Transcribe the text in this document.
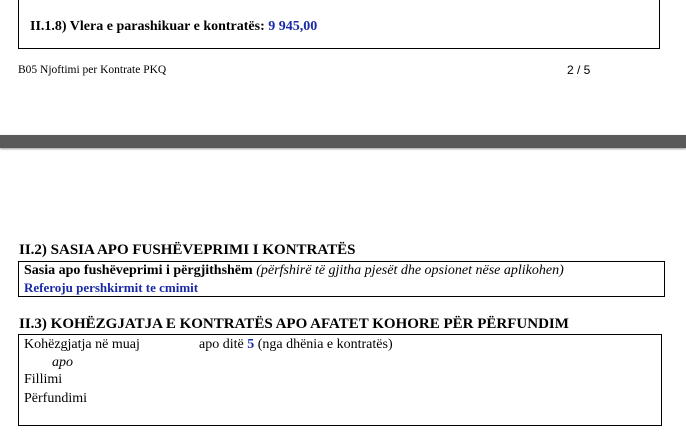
II.1.8) Vlera e parashikuar e kontratës: 9 945,00
B05 Njoftimi per Kontrate PKQ	2 / 5
II.2) SASIA APO FUSHËVEPRIMI I KONTRATËS
Sasia apo fushëveprimi i përgjithshëm (përfshirë të gjitha pjesët dhe opsionet nëse aplikohen)
Referoju pershkirmit te cmimit
II.3) KOHËZGJATJA E KONTRATËS APO AFATET KOHORE PËR PËRFUNDIM
Kohëzgjatja në muaj	apo ditë 5 (nga dhënia e kontratës)
apo
Fillimi
Përfundimi
